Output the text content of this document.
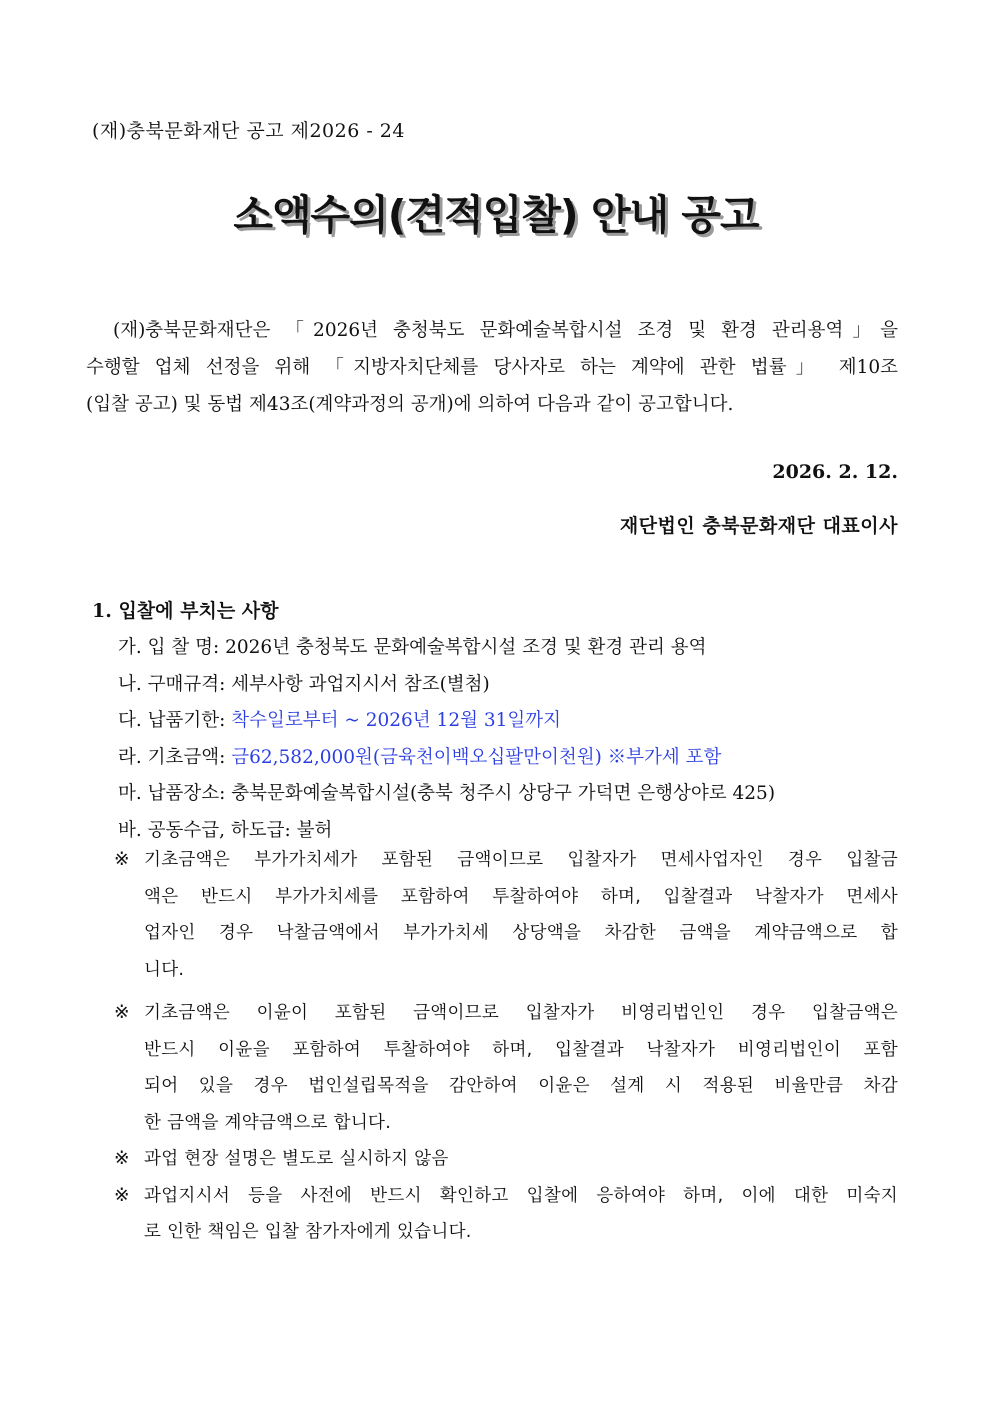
(재)충북문화재단 공고 제2026 - 24
소액수의(견적입찰) 안내 공고

(재)충북문화재단은 「2026년 충청북도 문화예술복합시설 조경 및 환경 관리용역」을

수행할 업체 선정을 위해 「지방자치단체를 당사자로 하는 계약에 관한 법률」 제10조

(입찰 공고) 및 동법 제43조(계약과정의 공개)에 의하여 다음과 같이 공고합니다.

2026. 2. 12.
재단법인 충북문화재단 대표이사
1. 입찰에 부치는 사항
가. 입 찰 명: 2026년 충청북도 문화예술복합시설 조경 및 환경 관리 용역
나. 구매규격: 세부사항 과업지시서 참조(별첨)
다. 납품기한: 착수일로부터 ~ 2026년 12월 31일까지
라. 기초금액: 금62,582,000원(금육천이백오십팔만이천원) ※부가세 포함
마. 납품장소: 충북문화예술복합시설(충북 청주시 상당구 가덕면 은행상야로 425)
바. 공동수급, 하도급: 불허
※ 기초금액은 부가가치세가 포함된 금액이므로 입찰자가 면세사업자인 경우 입찰금
액은 반드시 부가가치세를 포함하여 투찰하여야 하며, 입찰결과 낙찰자가 면세사
업자인 경우 낙찰금액에서 부가가치세 상당액을 차감한 금액을 계약금액으로 합
니다.
※ 기초금액은 이윤이 포함된 금액이므로 입찰자가 비영리법인인 경우 입찰금액은
반드시 이윤을 포함하여 투찰하여야 하며, 입찰결과 낙찰자가 비영리법인이 포함
되어 있을 경우 법인설립목적을 감안하여 이윤은 설계 시 적용된 비율만큼 차감
한 금액을 계약금액으로 합니다.
※ 과업 현장 설명은 별도로 실시하지 않음
※ 과업지시서 등을 사전에 반드시 확인하고 입찰에 응하여야 하며, 이에 대한 미숙지
로 인한 책임은 입찰 참가자에게 있습니다.
